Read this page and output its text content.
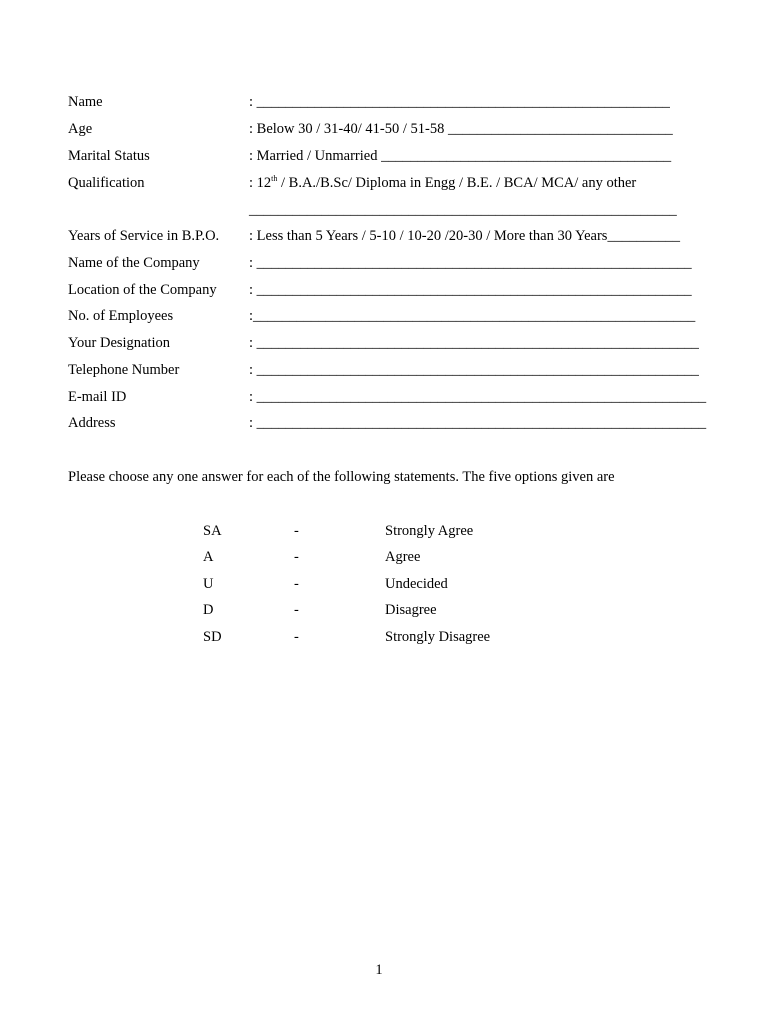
Name	: _________________________________________________________
Age	: Below 30 / 31-40/ 41-50 / 51-58 _______________________________
Marital Status	: Married / Unmarried ________________________________________
Qualification	: 12th / B.A./B.Sc/ Diploma in Engg / B.E. / BCA/ MCA/ any other
___________________________________________________________
Years of Service in B.P.O. : Less than 5 Years / 5-10 / 10-20 /20-30 / More than 30 Years__________
Name of the Company	: ____________________________________________________________
Location of the Company : ____________________________________________________________
No. of Employees	:_____________________________________________________________
Your Designation	: _____________________________________________________________
Telephone Number	: _____________________________________________________________
E-mail ID	: ______________________________________________________________
Address	: ______________________________________________________________
Please choose any one answer for each of the following statements. The five options given are
SA	-	Strongly Agree
A	-	Agree
U	-	Undecided
D	-	Disagree
SD	-	Strongly Disagree
1
